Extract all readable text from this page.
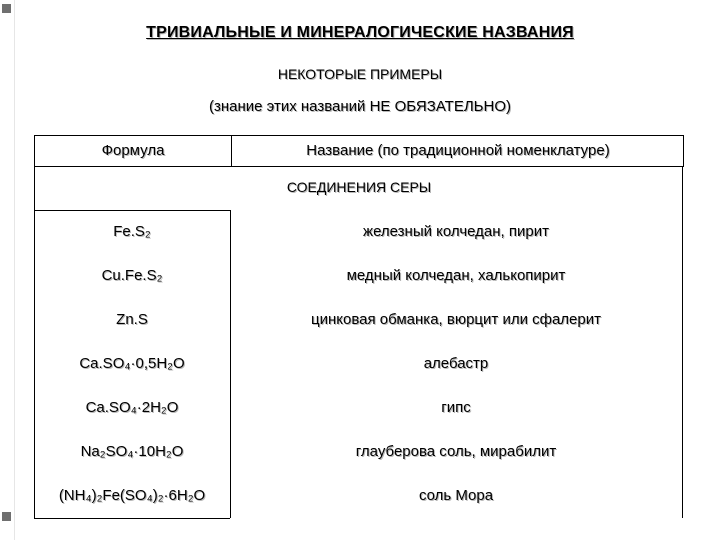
ТРИВИАЛЬНЫЕ И МИНЕРАЛОГИЧЕСКИЕ НАЗВАНИЯ
НЕКОТОРЫЕ ПРИМЕРЫ
(знание этих названий НЕ ОБЯЗАТЕЛЬНО)
Формула	Название (по традиционной номенклатуре)
СОЕДИНЕНИЯ СЕРЫ
Fe.S₂	железный колчедан, пирит
Cu.Fe.S₂	медный колчедан, халькопирит
Zn.S	цинковая обманка, вюрцит или сфалерит
Ca.SO₄·0,5H₂O	алебастр
Ca.SO₄·2H₂O	гипс
Na₂SO₄·10H₂O	глауберова соль, мирабилит
(NH₄)₂Fe(SO₄)₂·6H₂O	соль Мора
